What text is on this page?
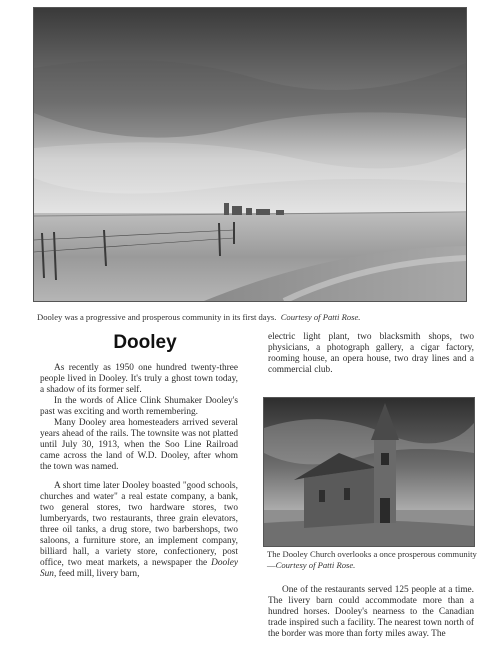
Dooley was a progressive and prosperous community in its first days. Courtesy of Patti Rose.
Dooley

As recently as 1950 one hundred twenty-three people lived in Dooley. It's truly a ghost town today, a shadow of its former self.

In the words of Alice Clink Shumaker Dooley's past was exciting and worth remembering.

Many Dooley area homesteaders arrived several years ahead of the rails. The townsite was not platted until July 30, 1913, when the Soo Line Railroad came across the land of W.D. Dooley, after whom the town was named.

A short time later Dooley boasted "good schools, churches and water" a real estate company, a bank, two general stores, two hardware stores, two lumberyards, two restaurants, three grain elevators, three oil tanks, a drug store, two barbershops, two saloons, a furniture store, an implement company, billiard hall, a variety store, confectionery, post office, two meat markets, a newspaper the Dooley Sun, feed mill, livery barn,

electric light plant, two blacksmith shops, two physicians, a photograph gallery, a cigar factory, rooming house, an opera house, two dray lines and a commercial club.

The Dooley Church overlooks a once prosperous community—Courtesy of Patti Rose.

One of the restaurants served 125 people at a time. The livery barn could accommodate more than a hundred horses. Dooley's nearness to the Canadian trade inspired such a facility. The nearest town north of the border was more than forty miles away. The
